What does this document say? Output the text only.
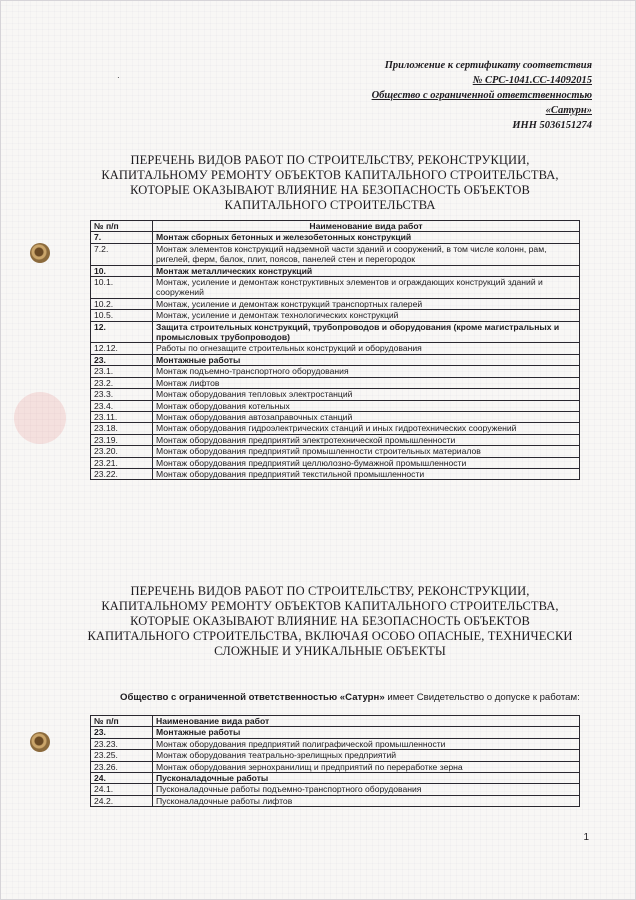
·
Приложение к сертификату соответствия
№ СРС-1041.СС-14092015
Общество с ограниченной ответственностью
«Сатурн»
ИНН 5036151274
ПЕРЕЧЕНЬ ВИДОВ РАБОТ ПО СТРОИТЕЛЬСТВУ, РЕКОНСТРУКЦИИ,
КАПИТАЛЬНОМУ РЕМОНТУ ОБЪЕКТОВ КАПИТАЛЬНОГО СТРОИТЕЛЬСТВА,
КОТОРЫЕ ОКАЗЫВАЮТ ВЛИЯНИЕ НА БЕЗОПАСНОСТЬ ОБЪЕКТОВ
КАПИТАЛЬНОГО СТРОИТЕЛЬСТВА
№ п/п	Наименование вида работ
7.	Монтаж сборных бетонных и железобетонных конструкций
7.2.	Монтаж элементов конструкций надземной части зданий и сооружений, в том числе колонн, рам, ригелей, ферм, балок, плит, поясов, панелей стен и перегородок
10.	Монтаж металлических конструкций
10.1.	Монтаж, усиление и демонтаж конструктивных элементов и ограждающих конструкций зданий и сооружений
10.2.	Монтаж, усиление и демонтаж конструкций транспортных галерей
10.5.	Монтаж, усиление и демонтаж технологических конструкций
12.	Защита строительных конструкций, трубопроводов и оборудования (кроме магистральных и промысловых трубопроводов)
12.12.	Работы по огнезащите строительных конструкций и оборудования
23.	Монтажные работы
23.1.	Монтаж подъемно-транспортного оборудования
23.2.	Монтаж лифтов
23.3.	Монтаж оборудования тепловых электростанций
23.4.	Монтаж оборудования котельных
23.11.	Монтаж оборудования автозаправочных станций
23.18.	Монтаж оборудования гидроэлектрических станций и иных гидротехнических сооружений
23.19.	Монтаж оборудования предприятий электротехнической промышленности
23.20.	Монтаж оборудования предприятий промышленности строительных материалов
23.21.	Монтаж оборудования предприятий целлюлозно-бумажной промышленности
23.22.	Монтаж оборудования предприятий текстильной промышленности
ПЕРЕЧЕНЬ ВИДОВ РАБОТ ПО СТРОИТЕЛЬСТВУ, РЕКОНСТРУКЦИИ,
КАПИТАЛЬНОМУ РЕМОНТУ ОБЪЕКТОВ КАПИТАЛЬНОГО СТРОИТЕЛЬСТВА,
КОТОРЫЕ ОКАЗЫВАЮТ ВЛИЯНИЕ НА БЕЗОПАСНОСТЬ ОБЪЕКТОВ
КАПИТАЛЬНОГО СТРОИТЕЛЬСТВА, ВКЛЮЧАЯ ОСОБО ОПАСНЫЕ, ТЕХНИЧЕСКИ
СЛОЖНЫЕ И УНИКАЛЬНЫЕ ОБЪЕКТЫ
Общество с ограниченной ответственностью «Сатурн» имеет Свидетельство о допуске к работам:
№ п/п	Наименование вида работ
23.	Монтажные работы
23.23.	Монтаж оборудования предприятий полиграфической промышленности
23.25.	Монтаж оборудования театрально-зрелищных предприятий
23.26.	Монтаж оборудования зернохранилищ и предприятий по переработке зерна
24.	Пусконаладочные работы
24.1.	Пусконаладочные работы подъемно-транспортного оборудования
24.2.	Пусконаладочные работы лифтов
1
